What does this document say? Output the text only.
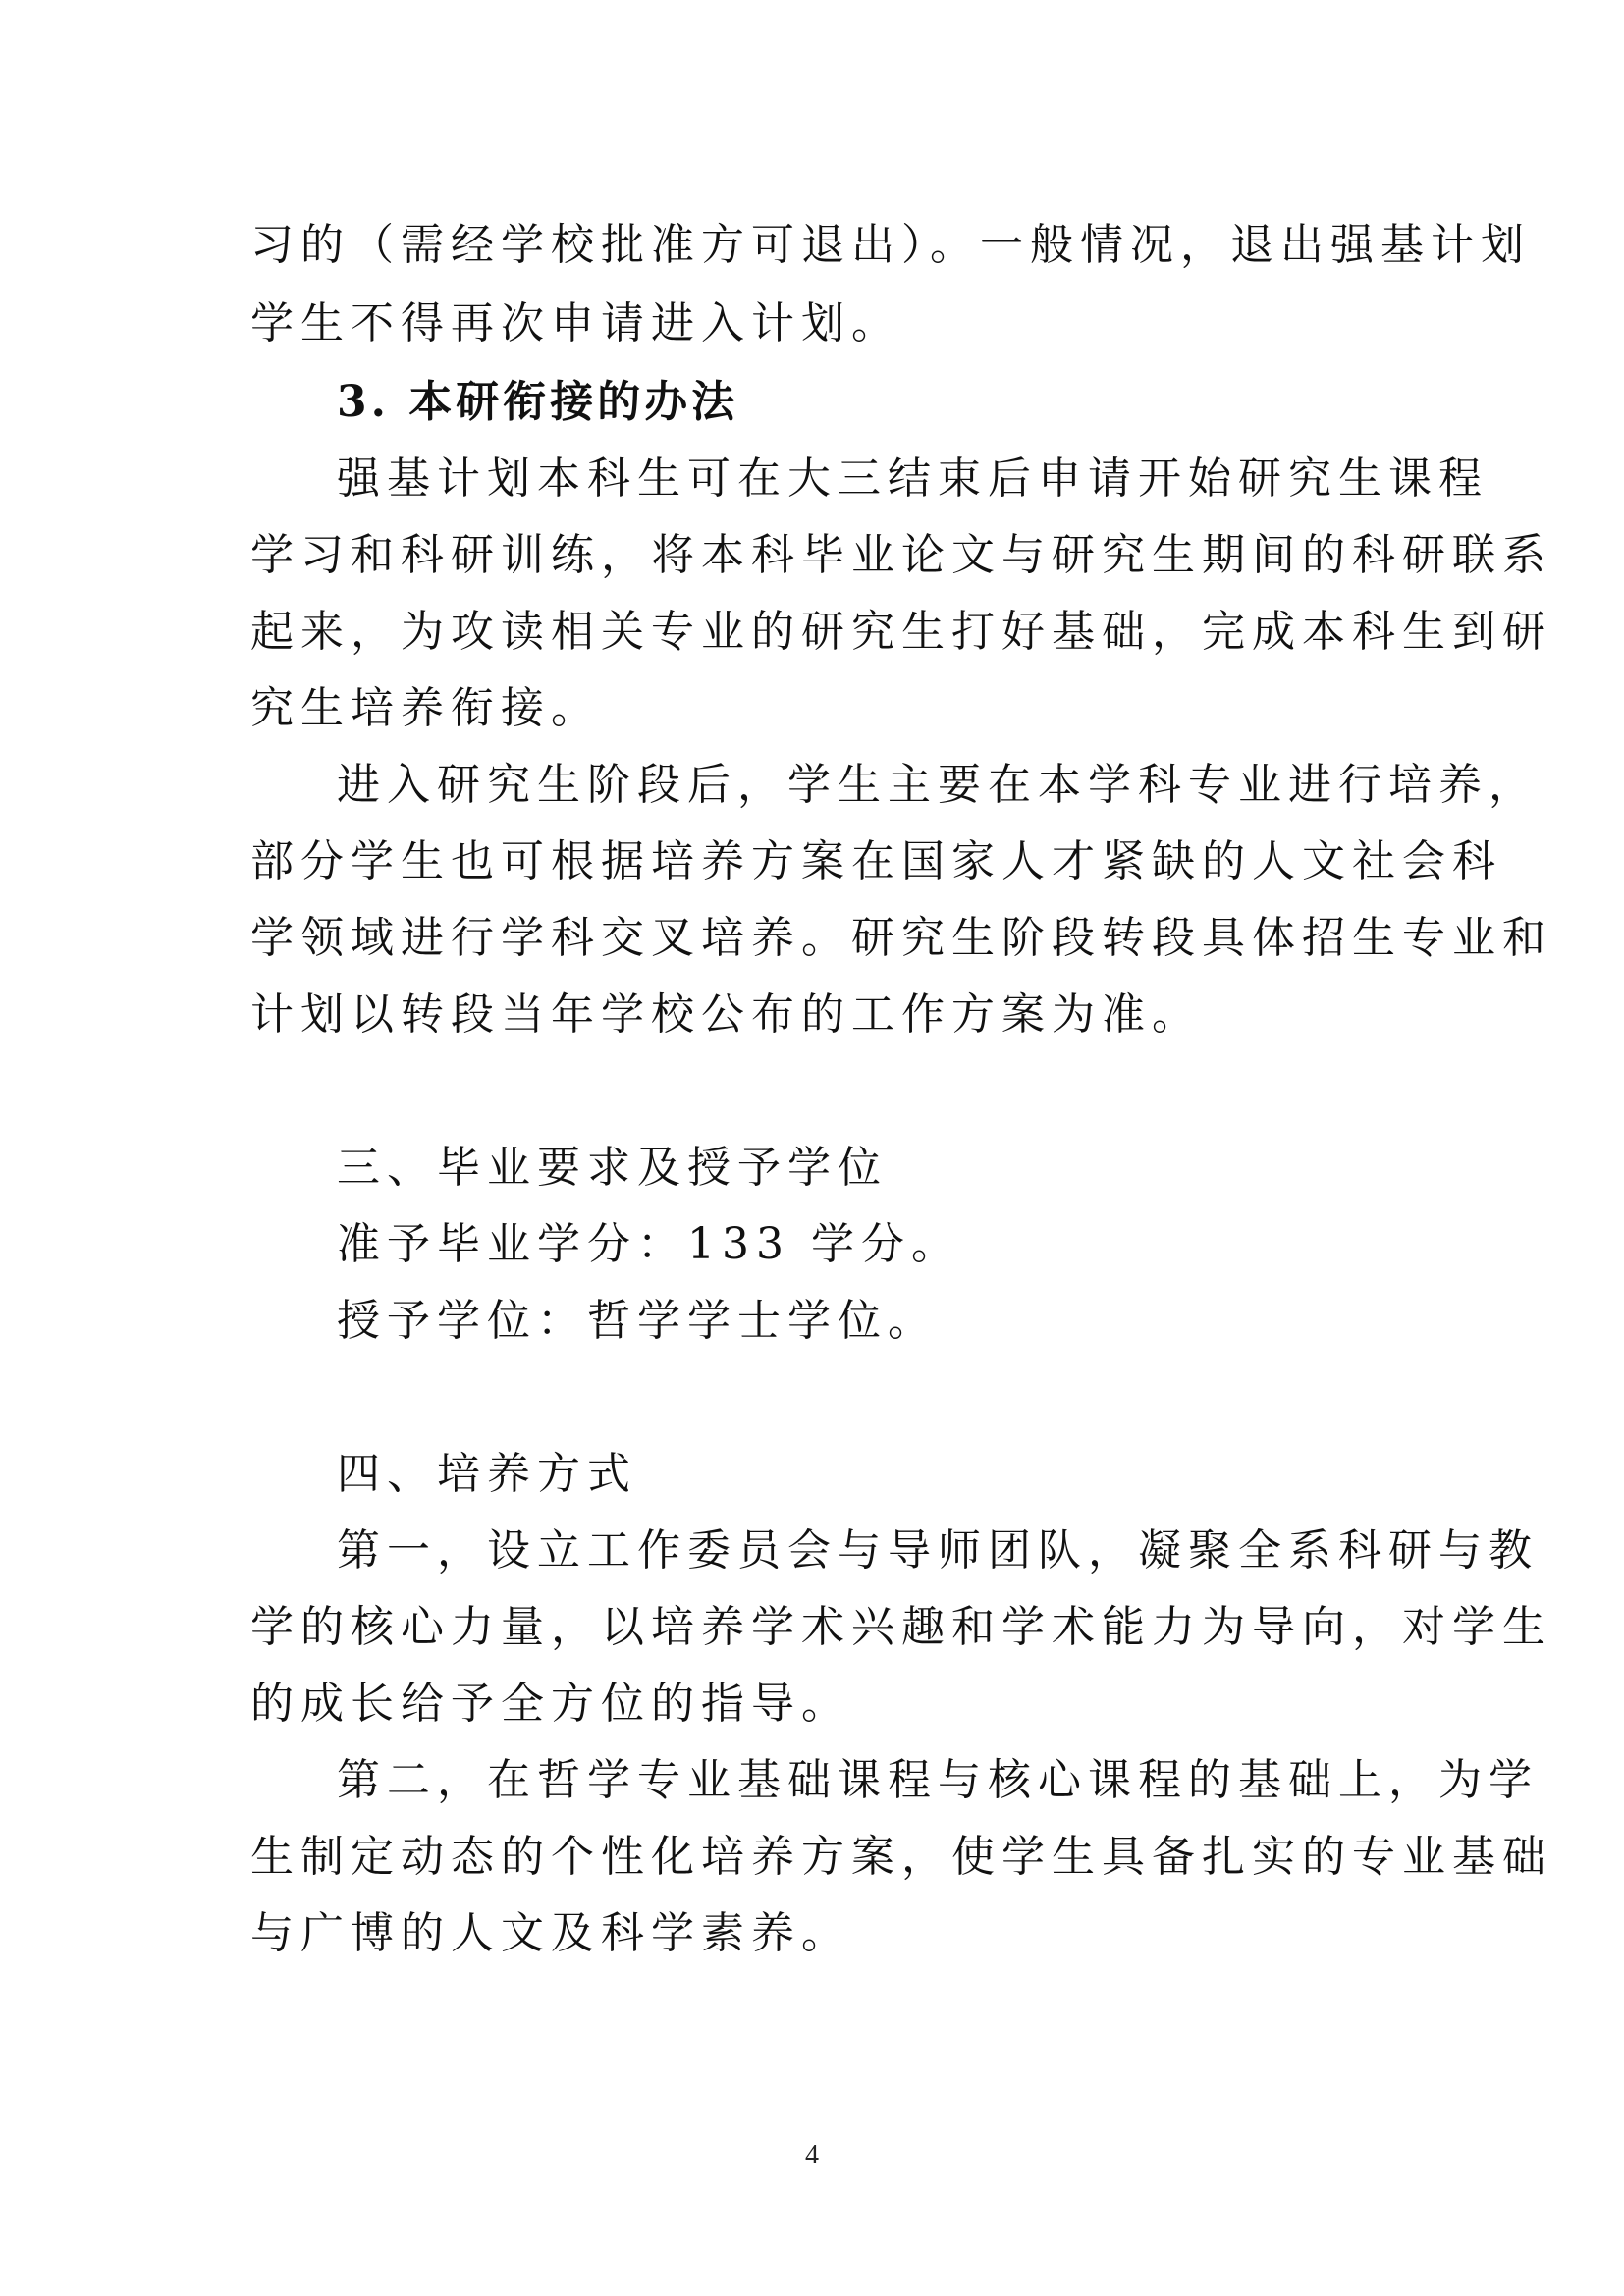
习的（需经学校批准方可退出）。一般情况，退出强基计划
学生不得再次申请进入计划。
3. 本研衔接的办法
强基计划本科生可在大三结束后申请开始研究生课程
学习和科研训练，将本科毕业论文与研究生期间的科研联系
起来，为攻读相关专业的研究生打好基础，完成本科生到研
究生培养衔接。
进入研究生阶段后，学生主要在本学科专业进行培养，
部分学生也可根据培养方案在国家人才紧缺的人文社会科
学领域进行学科交叉培养。研究生阶段转段具体招生专业和
计划以转段当年学校公布的工作方案为准。
三、毕业要求及授予学位
准予毕业学分：133 学分。
授予学位：哲学学士学位。
四、培养方式
第一，设立工作委员会与导师团队，凝聚全系科研与教
学的核心力量，以培养学术兴趣和学术能力为导向，对学生
的成长给予全方位的指导。
第二，在哲学专业基础课程与核心课程的基础上，为学
生制定动态的个性化培养方案，使学生具备扎实的专业基础
与广博的人文及科学素养。
4
